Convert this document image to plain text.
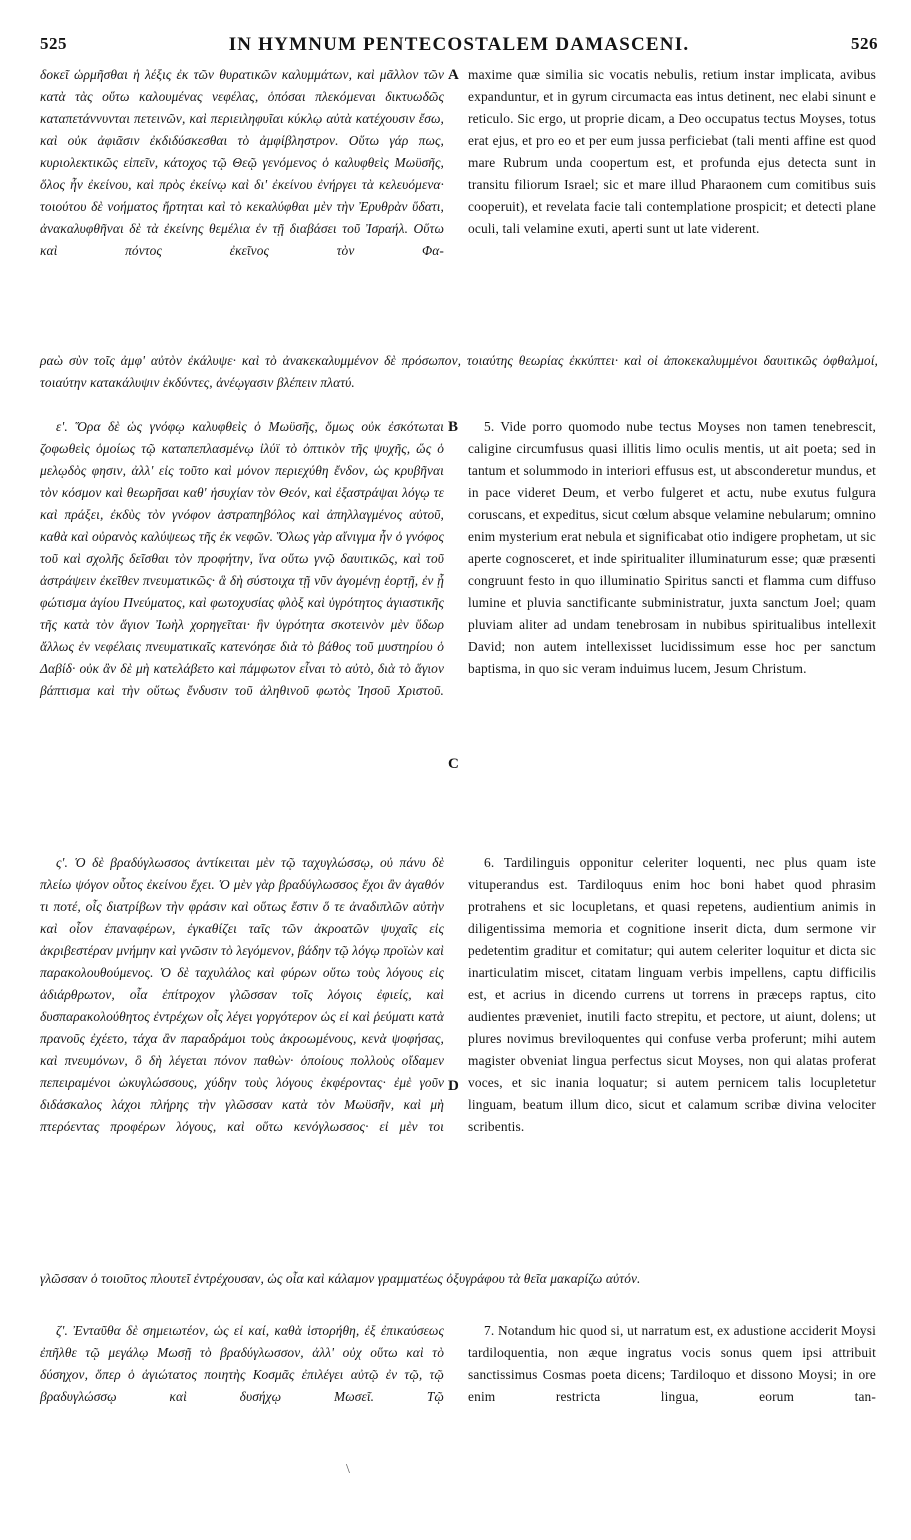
525	IN HYMNUM PENTECOSTALEM DAMASCENI.	526

δοκεῖ ὡρμῆσθαι ἡ λέξις ἐκ τῶν θυρατικῶν καλυμμάτων, καὶ μᾶλλον τῶν κατὰ τὰς οὕτω καλουμένας νεφέλας, ὁπόσαι πλεκόμεναι δικτυωδῶς καταπετάννυνται πετεινῶν, καὶ περιειληφυῖαι κύκλῳ αὐτὰ κατέχουσιν ἔσω, καὶ οὐκ ἀφιᾶσιν ἐκδιδύσκεσθαι τὸ ἀμφίβληστρον. Οὕτω γάρ πως, κυριολεκτικῶς εἰπεῖν, κάτοχος τῷ Θεῷ γενόμενος ὁ καλυφθεὶς Μωϋσῆς, ὅλος ἦν ἐκείνου, καὶ πρὸς ἐκείνῳ καὶ δι' ἐκείνου ἐνήργει τὰ κελευόμενα· τοιούτου δὲ νοήματος ἤρτηται καὶ τὸ κεκαλύφθαι μὲν τὴν Ἐρυθρὰν ὕδατι, ἀνακαλυφθῆναι δὲ τὰ ἐκείνης θεμέλια ἐν τῇ διαβάσει τοῦ Ἰσραήλ. Οὕτω καὶ πόντος ἐκεῖνος τὸν Φα-

A maxime quæ similia sic vocatis nebulis, retium instar implicata, avibus expanduntur, et in gyrum circumacta eas intus detinent, nec elabi sinunt e reticulo. Sic ergo, ut proprie dicam, a Deo occupatus tectus Moyses, totus erat ejus, et pro eo et per eum jussa perficiebat (tali menti affine est quod mare Rubrum unda coopertum est, et profunda ejus detecta sunt in transitu filiorum Israel; sic et mare illud Pharaonem cum comitibus suis cooperuit), et revelata facie tali contemplatione prospicit; et detecti plane oculi, tali velamine exuti, aperti sunt ut late viderent.

ραὼ σὺν τοῖς ἀμφ' αὐτὸν ἐκάλυψε· καὶ τὸ ἀνακεκαλυμμένον δὲ πρόσωπον, τοιαύτης θεωρίας ἐκκύπτει· καὶ οἱ ἀποκεκαλυμμένοι δαυιτικῶς ὀφθαλμοί, τοιαύτην κατακάλυψιν ἐκδύντες, ἀνέῳγασιν βλέπειν πλατύ.

ε'. Ὅρα δὲ ὡς γνόφῳ καλυφθεὶς ὁ Μωϋσῆς, ὅμως οὐκ ἐσκότωται ζοφωθεὶς ὁμοίως τῷ καταπεπλασμένῳ ἰλύϊ τὸ ὀπτικὸν τῆς ψυχῆς, ὥς ὁ μελῳδὸς φησιν, ἀλλ' εἰς τοῦτο καὶ μόνον περιεχύθη ἔνδον, ὡς κρυβῆναι τὸν κόσμον καὶ θεωρῆσαι καθ' ἡσυχίαν τὸν Θεόν, καὶ ἐξαστράψαι λόγῳ τε καὶ πράξει, ἐκδὺς τὸν γνόφον ἀστραπηβόλος καὶ ἀπηλλαγμένος αὐτοῦ, καθὰ καὶ οὐρανὸς καλύψεως τῆς ἐκ νεφῶν. Ὅλως γὰρ αἴνιγμα ἦν ὁ γνόφος τοῦ καὶ σχολῆς δεῖσθαι τὸν προφήτην, ἵνα οὕτω γνῷ δαυιτικῶς, καὶ τοῦ ἀστράψειν ἐκεῖθεν πνευματικῶς· ἃ δὴ σύστοιχα τῇ νῦν ἀγομένῃ ἑορτῇ, ἐν ᾗ φώτισμα ἁγίου Πνεύματος, καὶ φωτοχυσίας φλὸξ καὶ ὑγρότητος ἁγιαστικῆς τῆς κατὰ τὸν ἅγιον Ἰωὴλ χορηγεῖται· ἣν ὑγρότητα σκοτεινὸν μὲν ὕδωρ ἄλλως ἐν νεφέλαις πνευματικαῖς κατενόησε διὰ τὸ βάθος τοῦ μυστηρίου ὁ Δαβίδ· οὐκ ἂν δὲ μὴ κατελάβετο καὶ πάμφωτον εἶναι τὸ αὐτὸ, διὰ τὸ ἅγιον βάπτισμα καὶ τὴν οὕτως ἔνδυσιν τοῦ ἀληθινοῦ φωτὸς Ἰησοῦ Χριστοῦ.

B
C

5. Vide porro quomodo nube tectus Moyses non tamen tenebrescit, caligine circumfusus quasi illitis limo oculis mentis, ut ait poeta; sed in tantum et solummodo in interiori effusus est, ut absconderetur mundus, et in pace videret Deum, et verbo fulgeret et actu, nube exutus fulgura coruscans, et expeditus, sicut cœlum absque velamine nebularum; omnino enim mysterium erat nebula et significabat otio indigere prophetam, ut sic aperte cognosceret, et inde spiritualiter illuminaturum esse; quæ præsenti congruunt festo in quo illuminatio Spiritus sancti et flamma cum diffuso lumine et pluvia sanctificante subministratur, juxta sanctum Joel; quam pluviam aliter ad undam tenebrosam in nubibus spiritualibus intellexit David; non autem intellexisset lucidissimum esse hoc per sanctum baptisma, in quo sic veram induimus lucem, Jesum Christum.

ς'. Ὁ δὲ βραδύγλωσσος ἀντίκειται μὲν τῷ ταχυγλώσσῳ, οὐ πάνυ δὲ πλείω ψόγον οὗτος ἐκείνου ἔχει. Ὁ μὲν γὰρ βραδύγλωσσος ἔχοι ἂν ἀγαθόν τι ποτέ, οἷς διατρίβων τὴν φράσιν καὶ οὕτως ἔστιν ὅ τε ἀναδιπλῶν αὐτὴν καὶ οἷον ἐπαναφέρων, ἐγκαθίζει ταῖς τῶν ἀκροατῶν ψυχαῖς εἰς ἀκριβεστέραν μνήμην καὶ γνῶσιν τὸ λεγόμενον, βάδην τῷ λόγῳ προϊὼν καὶ παρακολουθούμενος. Ὁ δὲ ταχυλάλος καὶ φύρων οὕτω τοὺς λόγους εἰς ἀδιάρθρωτον, οἷα ἐπίτροχον γλῶσσαν τοῖς λόγοις ἐφιείς, καὶ δυσπαρακολούθητος ἐντρέχων οἷς λέγει γοργότερον ὡς εἰ καὶ ῥεύματι κατὰ πρανοῦς ἐχέετο, τάχα ἂν παραδράμοι τοὺς ἀκροωμένους, κενὰ ψοφήσας, καὶ πνευμόνων, ὃ δὴ λέγεται πόνον παθὼν· ὁποίους πολλοὺς οἴδαμεν πεπειραμένοι ὠκυγλώσσους, χύδην τοὺς λόγους ἐκφέροντας· ἐμὲ γοῦν διδάσκαλος λάχοι πλήρης τὴν γλῶσσαν κατὰ τὸν Μωϋσῆν, καὶ μὴ πτερόεντας προφέρων λόγους, καὶ οὕτω κενόγλωσσος· εἰ μὲν τοι

D

6. Tardilinguis opponitur celeriter loquenti, nec plus quam iste vituperandus est. Tardiloquus enim hoc boni habet quod phrasim protrahens et sic locupletans, et quasi repetens, audientium animis in diligentissima memoria et cognitione inserit dicta, dum sermone vir pedetentim graditur et comitatur; qui autem celeriter loquitur et dicta sic inarticulatim miscet, citatam linguam verbis impellens, captu difficilis est, et acrius in dicendo currens ut torrens in præceps raptus, cito audientes præveniet, inutili facto strepitu, et pectore, ut aiunt, dolens; ut plures novimus breviloquentes qui confuse verba proferunt; mihi autem magister obveniat lingua perfectus sicut Moyses, non qui alatas proferat voces, et sic inania loquatur; si autem pernicem talis locupletetur linguam, beatum illum dico, sicut et calamum scribæ divina velociter scribentis.

γλῶσσαν ὁ τοιοῦτος πλουτεῖ ἐντρέχουσαν, ὡς οἷα καὶ κάλαμον γραμματέως ὀξυγράφου τὰ θεῖα μακαρίζω αὐτόν.

ζ'. Ἐνταῦθα δὲ σημειωτέον, ὡς εἰ καί, καθὰ ἱστορήθη, ἐξ ἐπικαύσεως ἐπῆλθε τῷ μεγάλῳ Μωσῇ τὸ βραδύγλωσσον, ἀλλ' οὐχ οὕτω καὶ τὸ δύσηχον, ὅπερ ὁ ἁγιώτατος ποιητὴς Κοσμᾶς ἐπιλέγει αὐτῷ ἐν τῷ, τῷ βραδυγλώσσῳ καὶ δυσήχῳ Μωσεῖ. Τῷ

7. Notandum hic quod si, ut narratum est, ex adustione acciderit Moysi tardiloquentia, non æque ingratus vocis sonus quem ipsi attribuit sanctissimus Cosmas poeta dicens; Tardiloquo et dissono Moysi; in ore enim restricta lingua, eorum tan-

\
